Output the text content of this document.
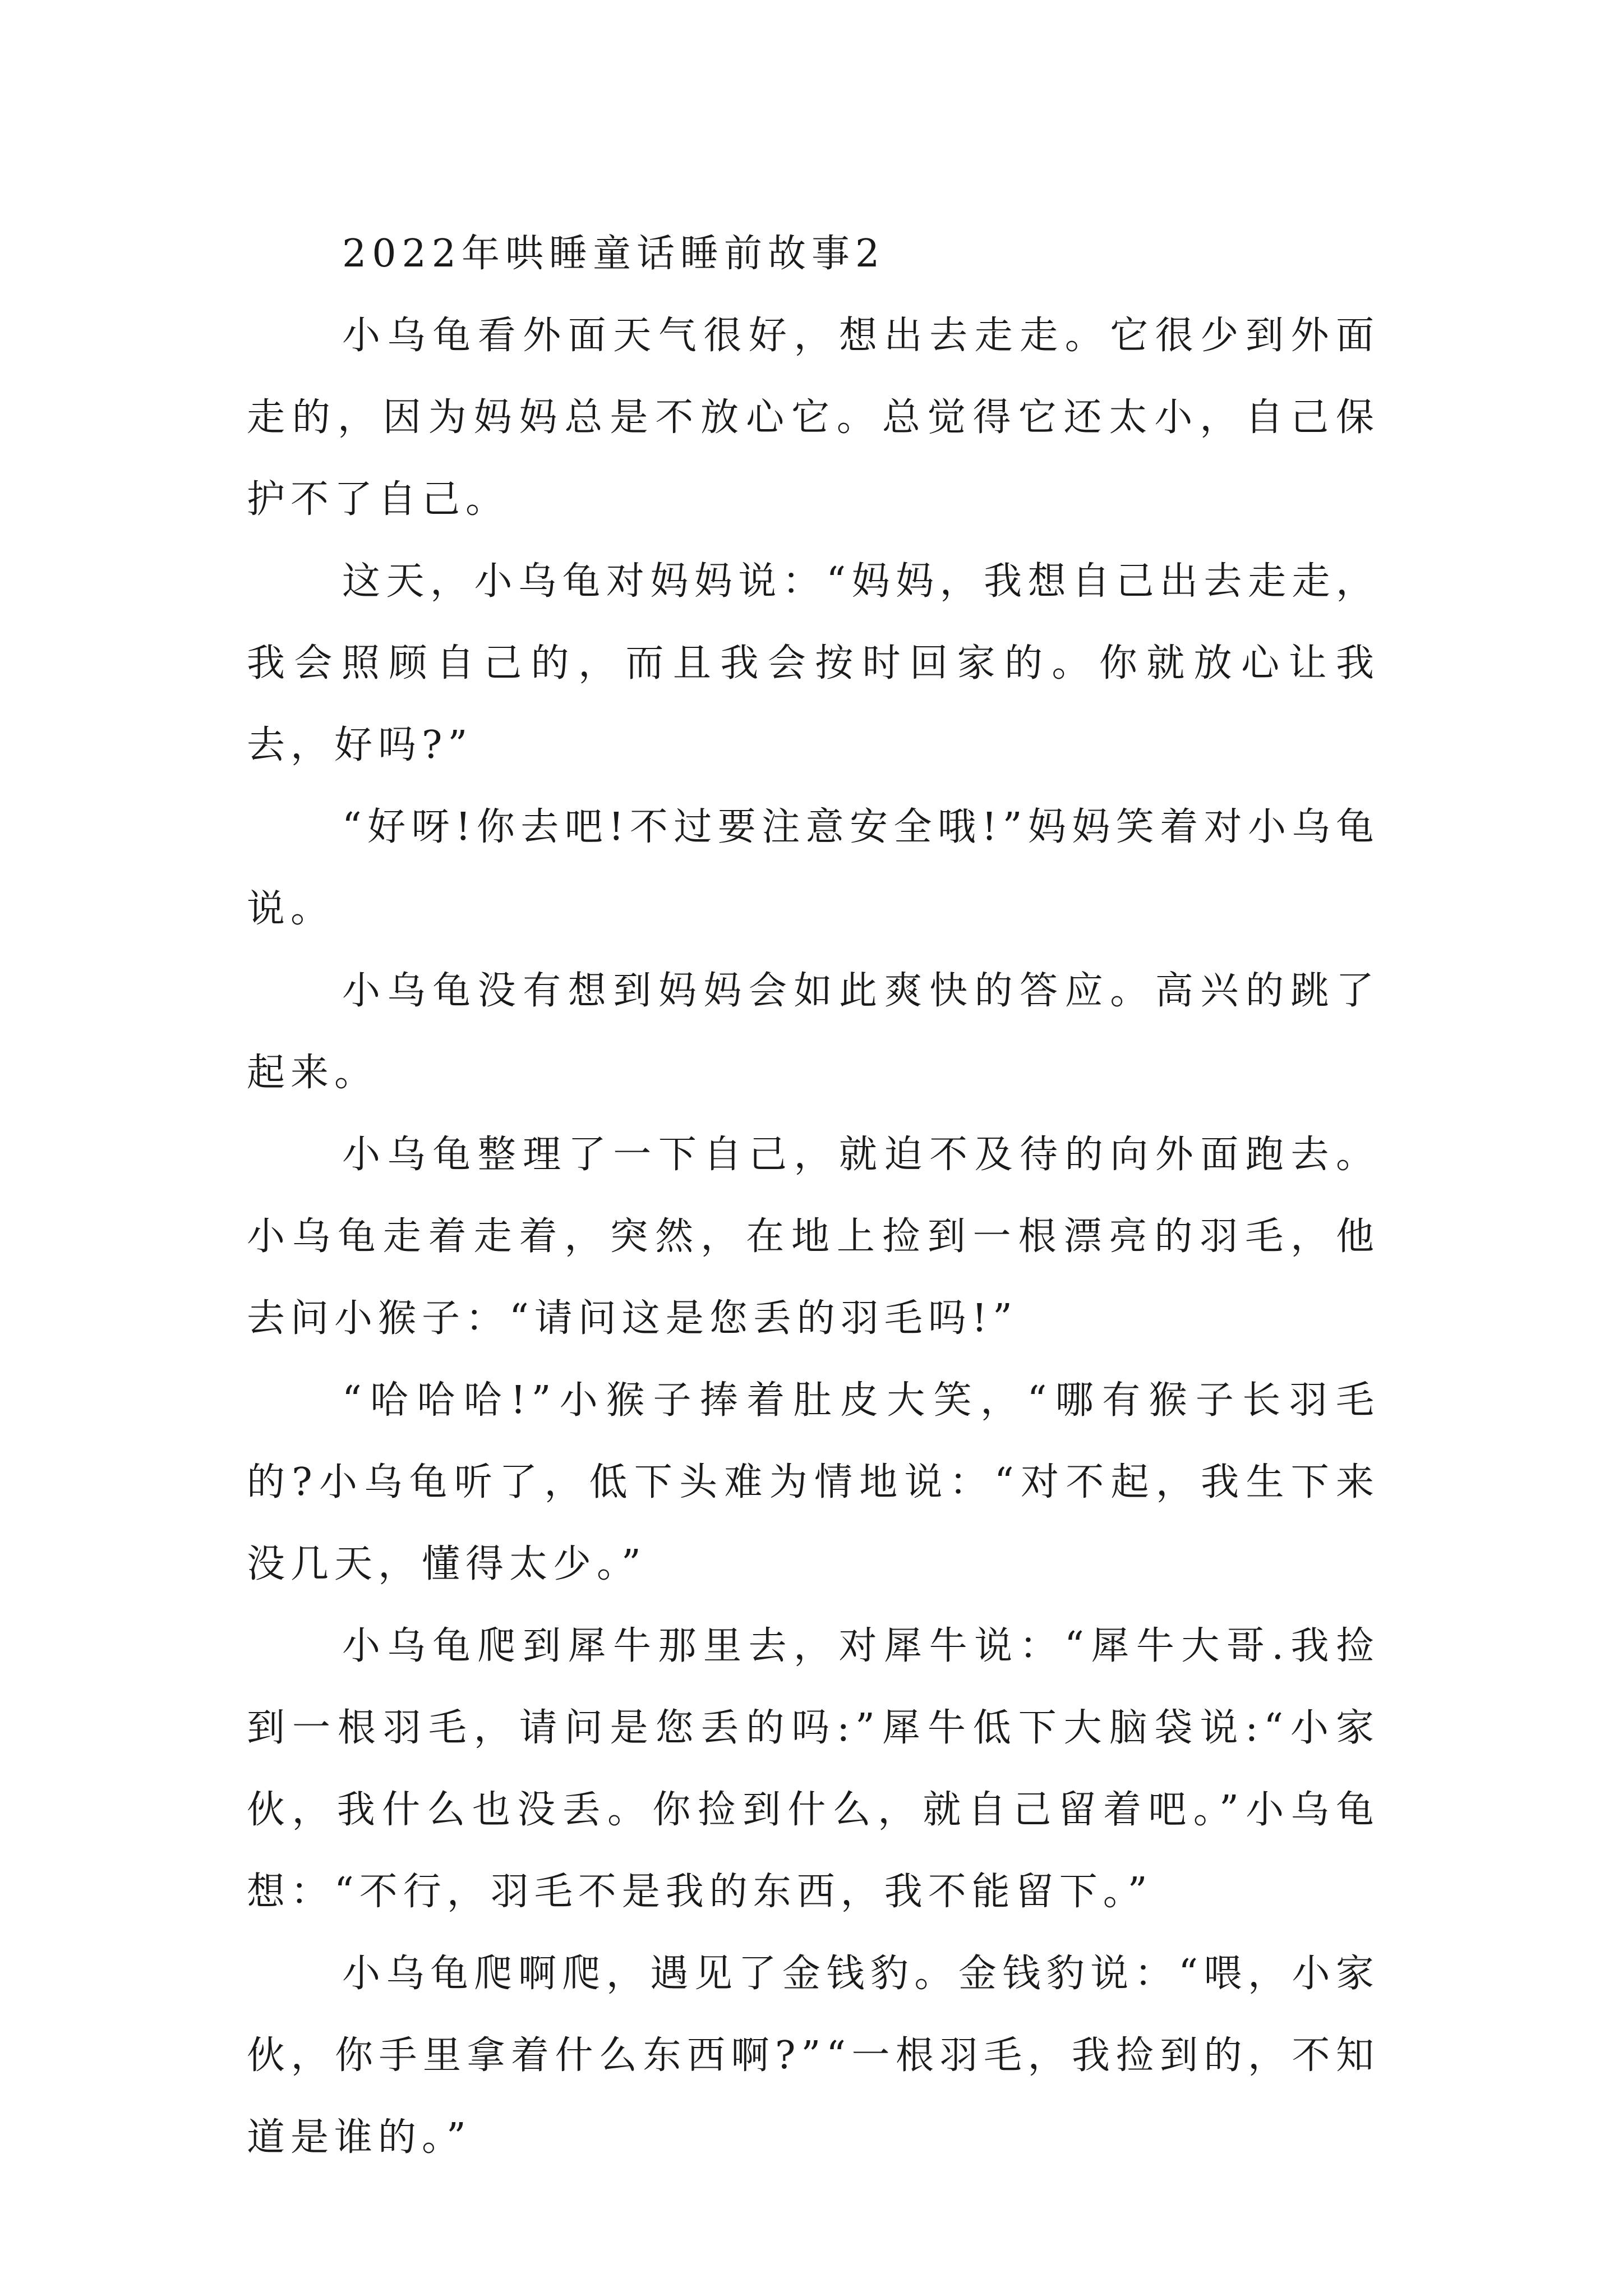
2022年哄睡童话睡前故事2

小乌龟看外面天气很好，想出去走走。它很少到外面走的，因为妈妈总是不放心它。总觉得它还太小，自己保护不了自己。

这天，小乌龟对妈妈说：“妈妈，我想自己出去走走，我会照顾自己的，而且我会按时回家的。你就放心让我去，好吗?”

“好呀!你去吧!不过要注意安全哦!”妈妈笑着对小乌龟说。

小乌龟没有想到妈妈会如此爽快的答应。高兴的跳了起来。

小乌龟整理了一下自己，就迫不及待的向外面跑去。小乌龟走着走着，突然，在地上捡到一根漂亮的羽毛，他去问小猴子：“请问这是您丢的羽毛吗!”

“哈哈哈!”小猴子捧着肚皮大笑，“哪有猴子长羽毛的?小乌龟听了，低下头难为情地说：“对不起，我生下来没几天，懂得太少。”

小乌龟爬到犀牛那里去，对犀牛说：“犀牛大哥.我捡到一根羽毛，请问是您丢的吗:”犀牛低下大脑袋说:“小家伙，我什么也没丢。你捡到什么，就自己留着吧。”小乌龟想：“不行，羽毛不是我的东西，我不能留下。”

小乌龟爬啊爬，遇见了金钱豹。金钱豹说：“喂，小家伙，你手里拿着什么东西啊?”“一根羽毛，我捡到的，不知道是谁的。”
